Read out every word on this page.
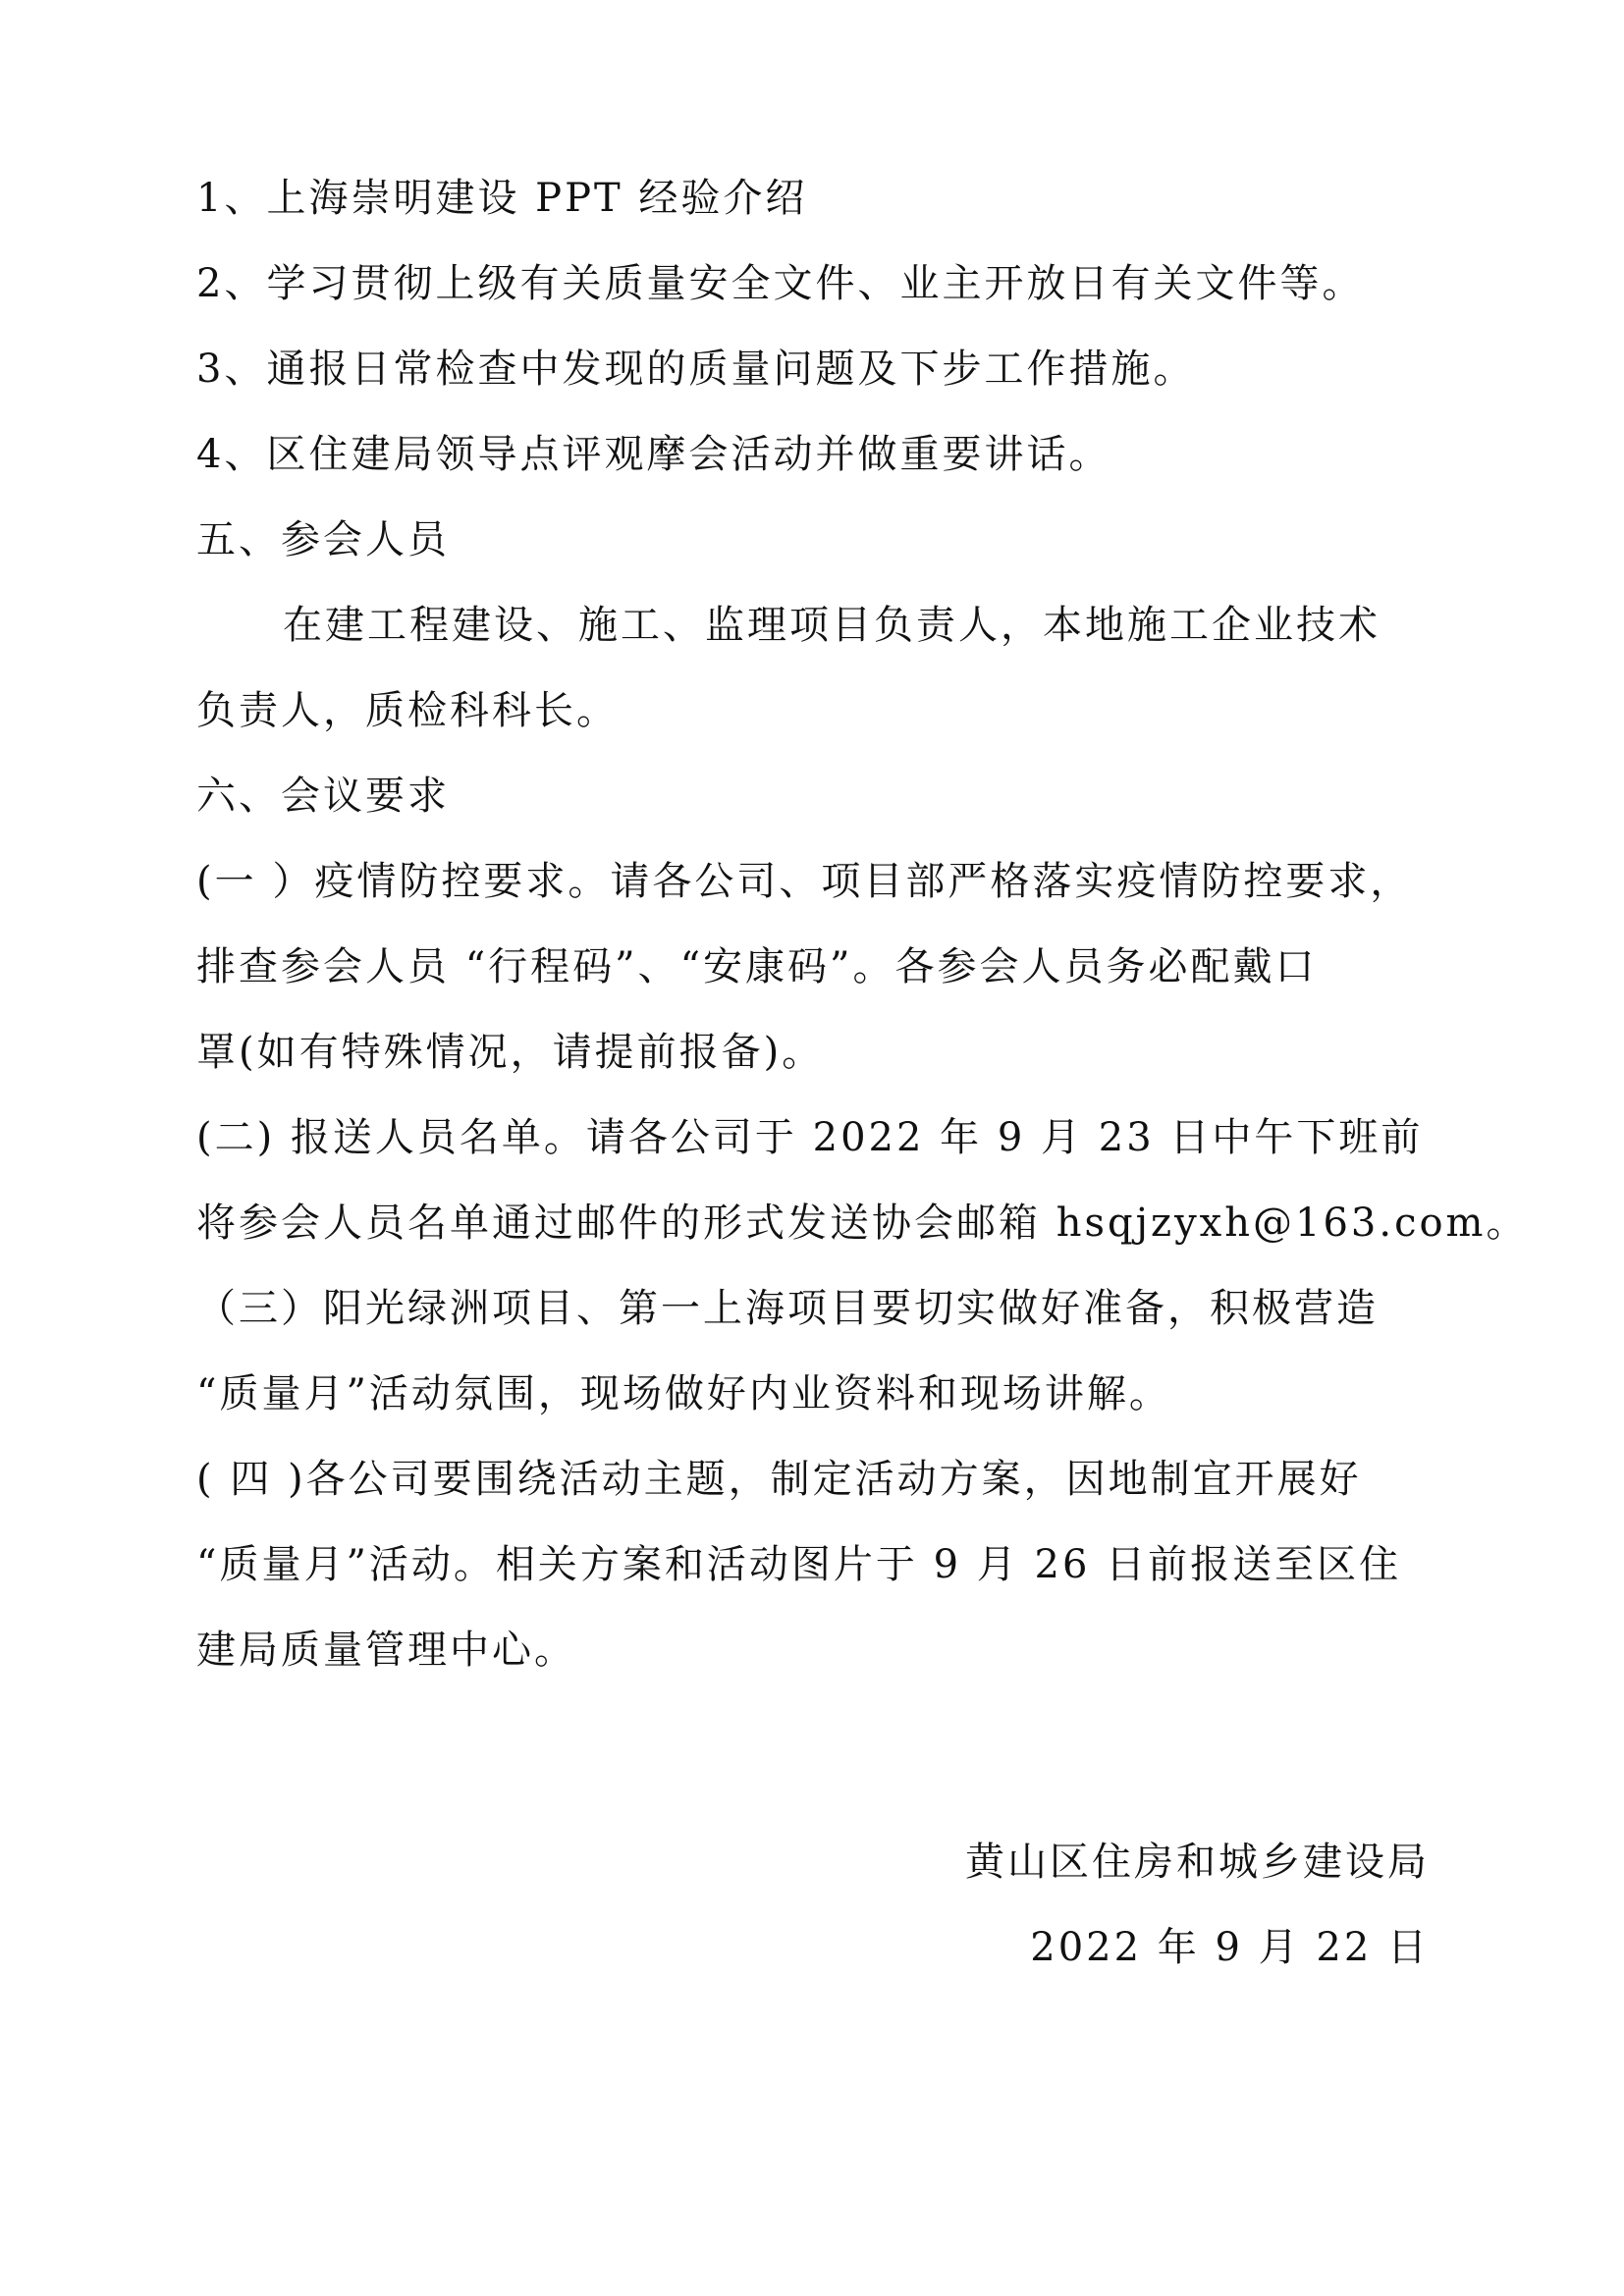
1、上海崇明建设 PPT 经验介绍
2、学习贯彻上级有关质量安全文件、业主开放日有关文件等。
3、通报日常检查中发现的质量问题及下步工作措施。
4、区住建局领导点评观摩会活动并做重要讲话。
五、参会人员
在建工程建设、施工、监理项目负责人，本地施工企业技术
负责人，质检科科长。
六、会议要求
(一 ）疫情防控要求。请各公司、项目部严格落实疫情防控要求，
排查参会人员 “行程码”、“安康码”。各参会人员务必配戴口
罩(如有特殊情况，请提前报备)。
(二) 报送人员名单。请各公司于 2022 年 9 月 23 日中午下班前
将参会人员名单通过邮件的形式发送协会邮箱 hsqjzyxh@163.com。
（三）阳光绿洲项目、第一上海项目要切实做好准备，积极营造
“质量月”活动氛围，现场做好内业资料和现场讲解。
( 四 )各公司要围绕活动主题，制定活动方案，因地制宜开展好
“质量月”活动。相关方案和活动图片于 9 月 26 日前报送至区住
建局质量管理中心。
黄山区住房和城乡建设局
2022 年 9 月 22 日
